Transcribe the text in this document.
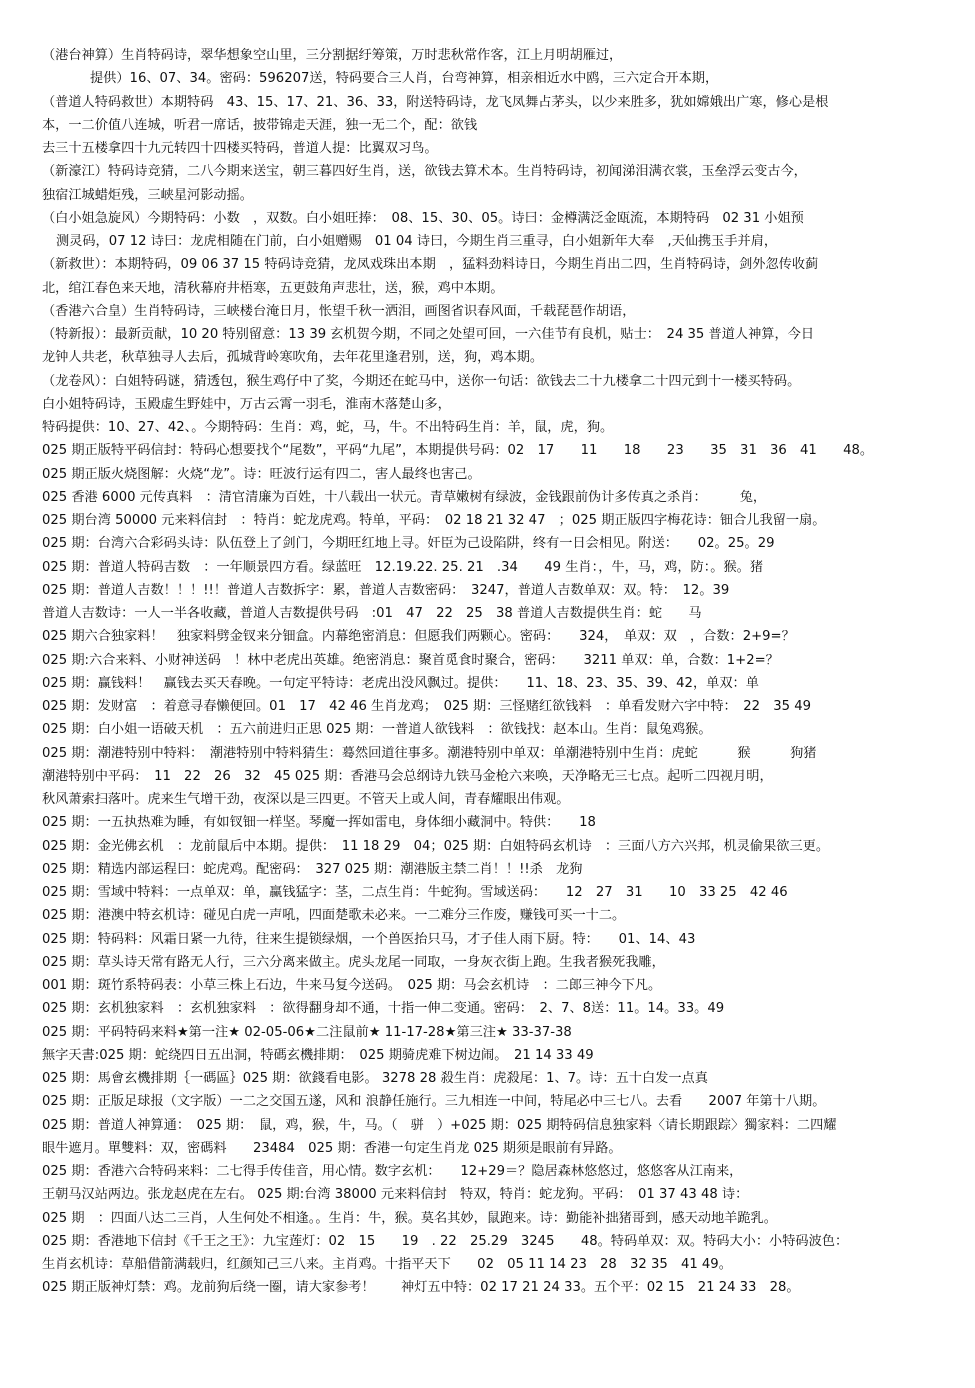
（港台神算）生肖特码诗，翠华想象空山里，三分割据纡筹策，万时悲秋常作客，江上月明胡雁过，
提供）16、07、34。密码：596207送，特码要合三人肖，台弯神算，相亲相近水中鸥，三六定合开本期，
（普道人特码救世）本期特码　43、15、17、21、36、33，附送特码诗，龙飞凤舞占茅头，以少来胜多，犹如嫦娥出广寒，修心是根
本，一二价值八连城，听君一席话，披带锦走天涯，独一无二个，配：欲钱
去三十五楼拿四十九元转四十四楼买特码，普道人提：比翼双习鸟。
（新濠江）特码诗竞猜，二八今期来送宝，朝三暮四好生肖，送，欲钱去算术本。生肖特码诗，初闻涕泪满衣裳，玉垒浮云变古今，
独宿江城蜡炬残，三峡星河影动摇。
（白小姐急旋风）今期特码：小数　，双数。白小姐旺捧：　08、15、30、05。诗曰：金樽满泛金瓯流，本期特码　02 31 小姐预
测灵码，07 12 诗曰：龙虎相随在门前，白小姐赠赐　01 04 诗曰，今期生肖三重寻，白小姐新年大奉　,天仙携玉手并肩，
（新救世）：本期特码，09 06 37 15 特码诗竞猜，龙凤戏珠出本期　，猛料劲料诗日，今期生肖出二四，生肖特码诗，剑外忽传收蓟
北，绾江春色来天地，清秋幕府井梧寒，五更鼓角声悲壮，送，猴，鸡中本期。
（香港六合皇）生肖特码诗，三峡楼台淹日月，怅望千秋一洒泪，画图省识春风面，千载琵琶作胡语，
（特新报）：最新贡献，10 20 特别留意：13 39 玄机贺今期，不同之处望可回，一六佳节有良机，贴士：　24 35 普道人神算，今日
龙钟人共老，秋草独寻人去后，孤城背岭寒吹角，去年花里逢君别，送，狗，鸡本期。
（龙卷风）：白姐特码谜，猜透包，猴生鸡仔中了奖，今期还在蛇马中，送你一句话：欲钱去二十九楼拿二十四元到十一楼买特码。
白小姐特码诗，玉殿虚生野娃中，万古云霄一羽毛，淮南木落楚山多，
特码提供：10、27、42、。今期特码：生肖：鸡，蛇，马，牛。不出特码生肖：羊，鼠，虎，狗。
025 期正版特平码信封：特码心想要找个“尾数”，平码“九尾”，本期提供号码：02　17　　11　　18　　23　　35　31　36　41　　48。
025 期正版火烧图解：火烧“龙”。诗：旺波行运有四二，害人最终也害己。
025 香港 6000 元传真料　：清官清廉为百姓，十八载出一状元。青草嫩树有绿波，金钱跟前伪计多传真之杀肖：　　　兔，
025 期台湾 50000 元来料信封　：特肖：蛇龙虎鸡。特单，平码：　02 18 21 32 47　；025 期正版四字梅花诗：钿合儿我留一扇。
025 期：台湾六合彩码头诗：队伍登上了剑门，今期旺红地上寻。奸臣为己设陷阱，终有一日会相见。附送：　　02。25。29
025 期：普道人特码吉数　：一年顺景四方看。绿蓝旺　12.19.22. 25. 21　.34　　49 生肖：，牛，马，鸡，防：。猴。猪
025 期：普道人吉数！！！!!！普道人吉数拆字：累，普道人吉数密码：　3247，普道人吉数单双：双。特：　12。39
普道人吉数诗：一人一半各收藏，普道人吉数提供号码　:01　47　22　25　38 普道人吉数提供生肖：蛇　　马
025 期六合独家料！　独家料劈金钗来分钿盒。内幕绝密消息：但愿我们两颗心。密码：　　324，　单双：双　，合数：2+9=？
025 期:六合来料、小财神送码　！林中老虎出英雄。绝密消息：聚首觅食时聚合，密码：　　3211 单双：单，合数：1+2=？
025 期：赢钱料！　赢钱去买天春晚。一句定平特诗：老虎出没风飘过。提供：　　11、18、23、35、39、42，单双：单
025 期：发财富　：着意寻春懒便回。01　17　42 46 生肖龙鸡；　025 期：三怪赌红欲钱料　：单看发财六字中特：　22　35 49
025 期：白小姐一语破天机　：五六前进归正思 025 期：一普道人欲钱料　：欲钱找：赵本山。生肖：鼠兔鸡猴。
025 期：潮港特别中特料：　潮港特别中特料猜生：蓦然回道往事多。潮港特别中单双：单潮港特别中生肖：虎蛇　　　猴　　　狗猪
潮港特别中平码：　11　22　26　32　45 025 期：香港马会总纲诗九铁马金枪六来唤，天净略无三七点。起听二四视月明，
秋风萧索扫落叶。虎来生气增干劲，夜深以是三四更。不管天上或人间，青春耀眼出伟观。
025 期：一五执热难为睡，有如钗钿一样坚。琴魔一挥如雷电，身体细小藏洞中。特供：　　18
025 期：金光佛玄机　：龙前鼠后中本期。提供：　11 18 29　04；025 期：白姐特码玄机诗　：三面八方六兴邦，机灵偷果欲三更。
025 期：精选内部运程曰：蛇虎鸡。配密码：　327 025 期：潮港版主禁二肖！！!!杀　龙狗
025 期：雪域中特料：一点单双：单，赢钱猛字：茎，二点生肖：牛蛇狗。雪域送码：　　12　27　31　　10　33 25　42 46
025 期：港澳中特玄机诗：碰见白虎一声吼，四面楚歌未必来。一二难分三作废，赚钱可买一十二。
025 期：特码料：风霜日紧一九待，往来生提锁绿烟，一个兽医抬只马，才子佳人雨下厨。特：　　01、14、43
025 期：草头诗天常有路无人行，三六分离来做主。虎头龙尾一同取，一身灰衣街上跑。生我者猴死我雕，
001 期：斑竹系特码表：小草三株上石边，牛来马复今送码。　025 期：马会玄机诗　：二郎三神今下凡。
025 期：玄机独家料　：玄机独家料　：欲得翻身却不通，十指一伸二变通。密码：　2、7、8送：11。14。33。49
025 期：平码特码来料★第一注★ 02-05-06★二注鼠前★ 11-17-28★第三注★ 33-37-38
無字天書:025 期：蛇绕四日五出洞，特碼玄機排期：　025 期骑虎难下树边闹。　21 14 33 49
025 期：馬會玄機排期｛一碼區｝025 期：欲錢看电影。 3278 28 殺生肖：虎殺尾：1、7。诗：五十白发一点真
025 期：正版足球报（文字版）一二之交国五遂，风和 浪静任施行。三九相连一中间，特尾必中三七八。去看　　2007 年第十八期。
025 期：普道人神算通：　025 期：　鼠，鸡，猴，牛，马。（　骈　）+025 期：025 期特码信息独家料〈请长期跟踪〉獨家料：二四耀
眼牛遮月。單雙料：双，密碼料　　23484　025 期：香港一句定生肖龙 025 期须是眼前有异路。
025 期：香港六合特码来料：二七得手传佳音，用心情。数字玄机：　　12+29＝？隐居森林悠悠过，悠悠客从江南来，
王朝马汉站两边。张龙赵虎在左右。 025 期:台湾 38000 元来料信封　特双，特肖：蛇龙狗。平码：　01 37 43 48 诗：
025 期　：四面八达二三肖，人生何处不相逢。。生肖：牛，猴。莫名其妙，鼠跑来。诗：勤能补拙猪哥到，感天动地羊跪乳。
025 期：香港地下信封《千王之王》：九宝莲灯：02　15　　19　. 22　25.29　3245　　48。特码单双：双。特码大小：小特码波色：
生肖玄机诗：草船借箭满载归，红颜知己三八来。主肖鸡。十指平天下　　02　05 11 14 23　28　32 35　41 49。
025 期正版神灯禁：鸡。龙前狗后绕一圈，请大家参考！　　神灯五中特：02 17 21 24 33。五个平：02 15　21 24 33　28。
